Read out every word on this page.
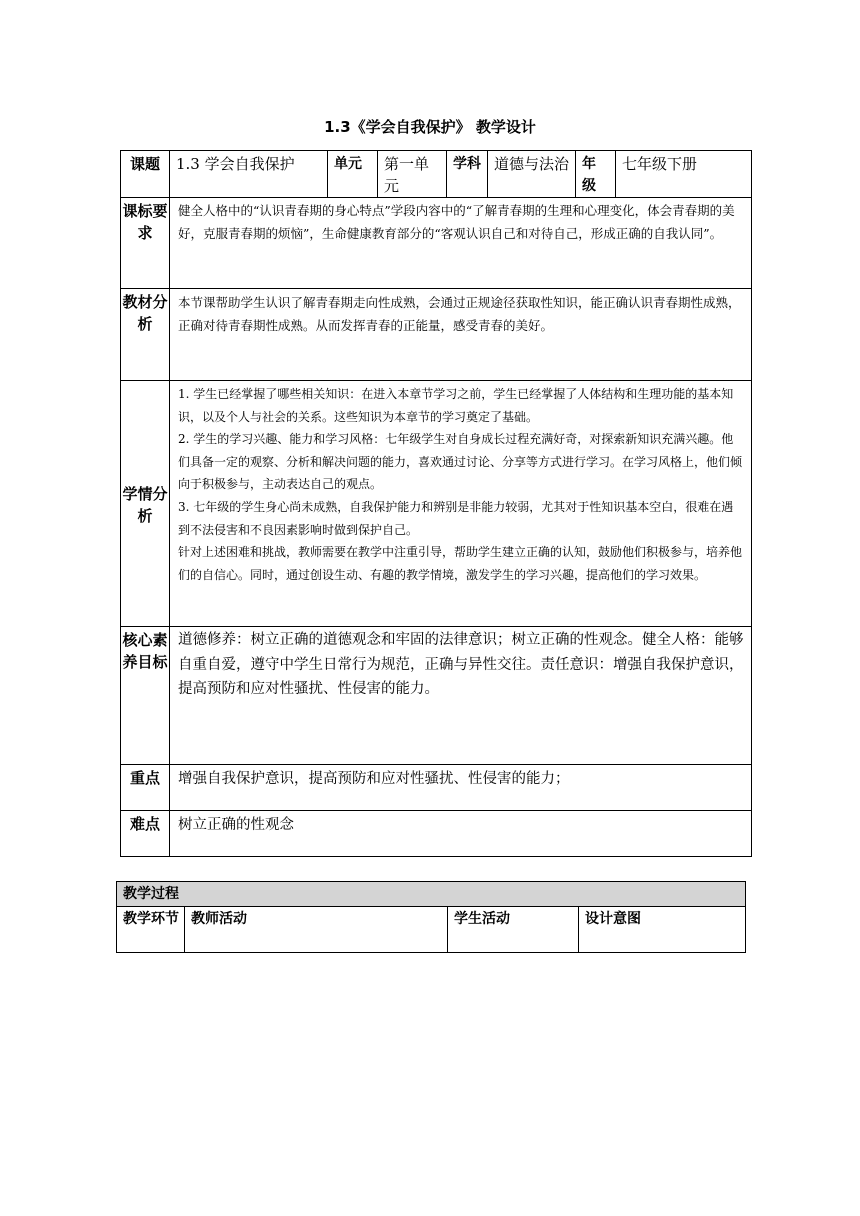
1.3《学会自我保护》 教学设计
课题	1.3 学会自我保护	单元	第一单元	学科	道德与法治	年级	七年级下册
课标要求	健全人格中的“认识青春期的身心特点”学段内容中的“了解青春期的生理和心理变化，体会青春期的美好，克服青春期的烦恼”，生命健康教育部分的“客观认识自己和对待自己，形成正确的自我认同”。						
教材分析	本节课帮助学生认识了解青春期走向性成熟，会通过正规途径获取性知识，能正确认识青春期性成熟，正确对待青春期性成熟。从而发挥青春的正能量，感受青春的美好。						
学情分析	1. 学生已经掌握了哪些相关知识：在进入本章节学习之前，学生已经掌握了人体结构和生理功能的基本知识，以及个人与社会的关系。这些知识为本章节的学习奠定了基础。
2. 学生的学习兴趣、能力和学习风格：七年级学生对自身成长过程充满好奇，对探索新知识充满兴趣。他们具备一定的观察、分析和解决问题的能力，喜欢通过讨论、分享等方式进行学习。在学习风格上，他们倾向于积极参与，主动表达自己的观点。
3. 七年级的学生身心尚未成熟，自我保护能力和辨别是非能力较弱，尤其对于性知识基本空白，很难在遇到不法侵害和不良因素影响时做到保护自己。
针对上述困难和挑战，教师需要在教学中注重引导，帮助学生建立正确的认知，鼓励他们积极参与，培养他们的自信心。同时，通过创设生动、有趣的教学情境，激发学生的学习兴趣，提高他们的学习效果。						

核心素养目标	道德修养：树立正确的道德观念和牢固的法律意识；树立正确的性观念。健全人格：能够自重自爱，遵守中学生日常行为规范，正确与异性交往。责任意识：增强自我保护意识，提高预防和应对性骚扰、性侵害的能力。						
重点	增强自我保护意识，提高预防和应对性骚扰、性侵害的能力；						
难点	树立正确的性观念						
教学过程
教学环节	教师活动	学生活动	设计意图
